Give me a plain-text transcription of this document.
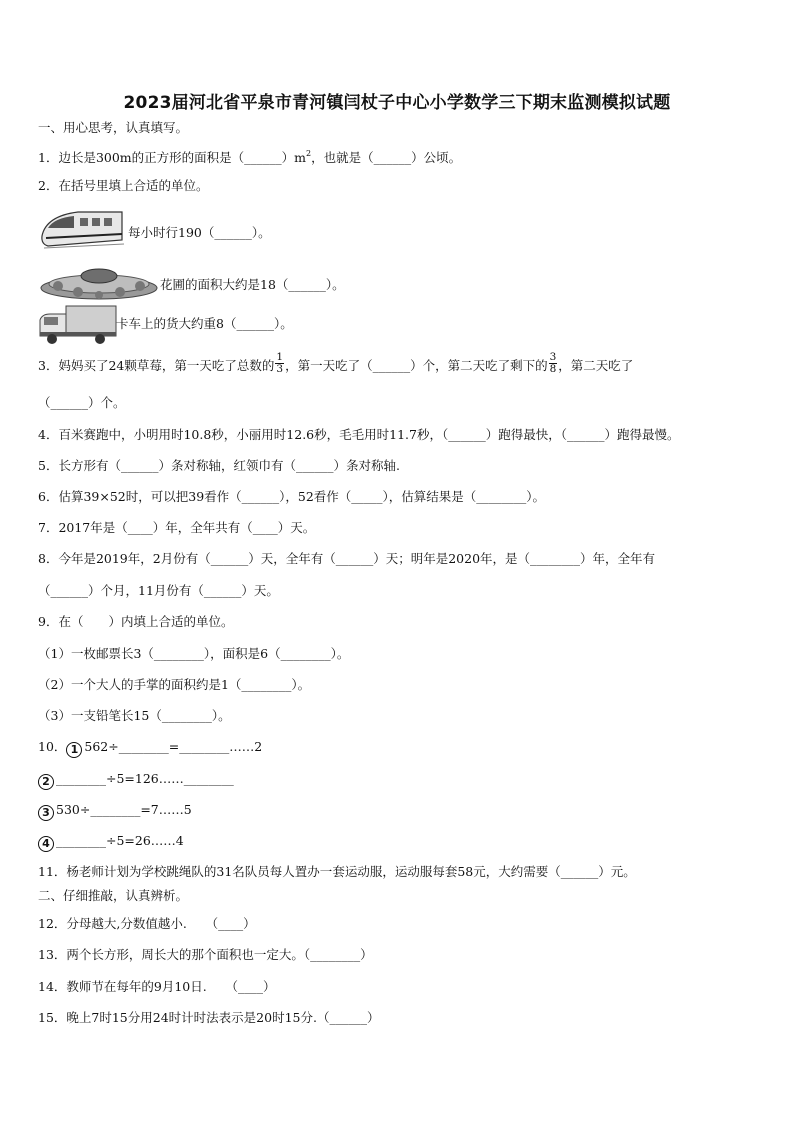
2023届河北省平泉市青河镇闫杖子中心小学数学三下期末监测模拟试题
一、用心思考，认真填写。
1．边长是300m的正方形的面积是$(\_\_\_\_\_\_)m^2$，也就是（______）公顷。
2．在括号里填上合适的单位。
每小时行190（______）。
花圃的面积大约是18（______）。
卡车上的货大约重8（______）。
3．妈妈买了24颗草莓，第一天吃了总数的 $\frac{1}{3}$ ，第一天吃了（______）个，第二天吃了剩下的 $\frac{3}{8}$ ，第二天吃了
（______）个。
4．百米赛跑中，小明用时10.8秒，小丽用时12.6秒，毛毛用时11.7秒，（______）跑得最快，（______）跑得最慢。
5．长方形有（______）条对称轴，红领巾有（______）条对称轴.
6．估算39×52时，可以把39看作（______），52看作（_____），估算结果是（________）。
7．2017年是（____）年，全年共有（____）天。
8．今年是2019年，2月份有（______）天，全年有（______）天；明年是2020年，是（________）年，全年有
（______）个月，11月份有（______）天。
9．在（　　）内填上合适的单位。
（1）一枚邮票长3（________），面积是6（________）。
（2）一个大人的手掌的面积约是1（________）。
（3）一支铅笔长15（________）。
10． 1 562÷________=________……2
2 ________÷5=126……________
3 530÷________=7……5
4 ________÷5=26……4
11．杨老师计划为学校跳绳队的31名队员每人置办一套运动服，运动服每套58元，大约需要（______）元。
二、仔细推敲，认真辨析。
12．分母越大,分数值越小.　　（____）
13．两个长方形，周长大的那个面积也一定大。（________）
14．教师节在每年的9月10日.　　（____）
15．晚上7时15分用24时计时法表示是20时15分.（______）
